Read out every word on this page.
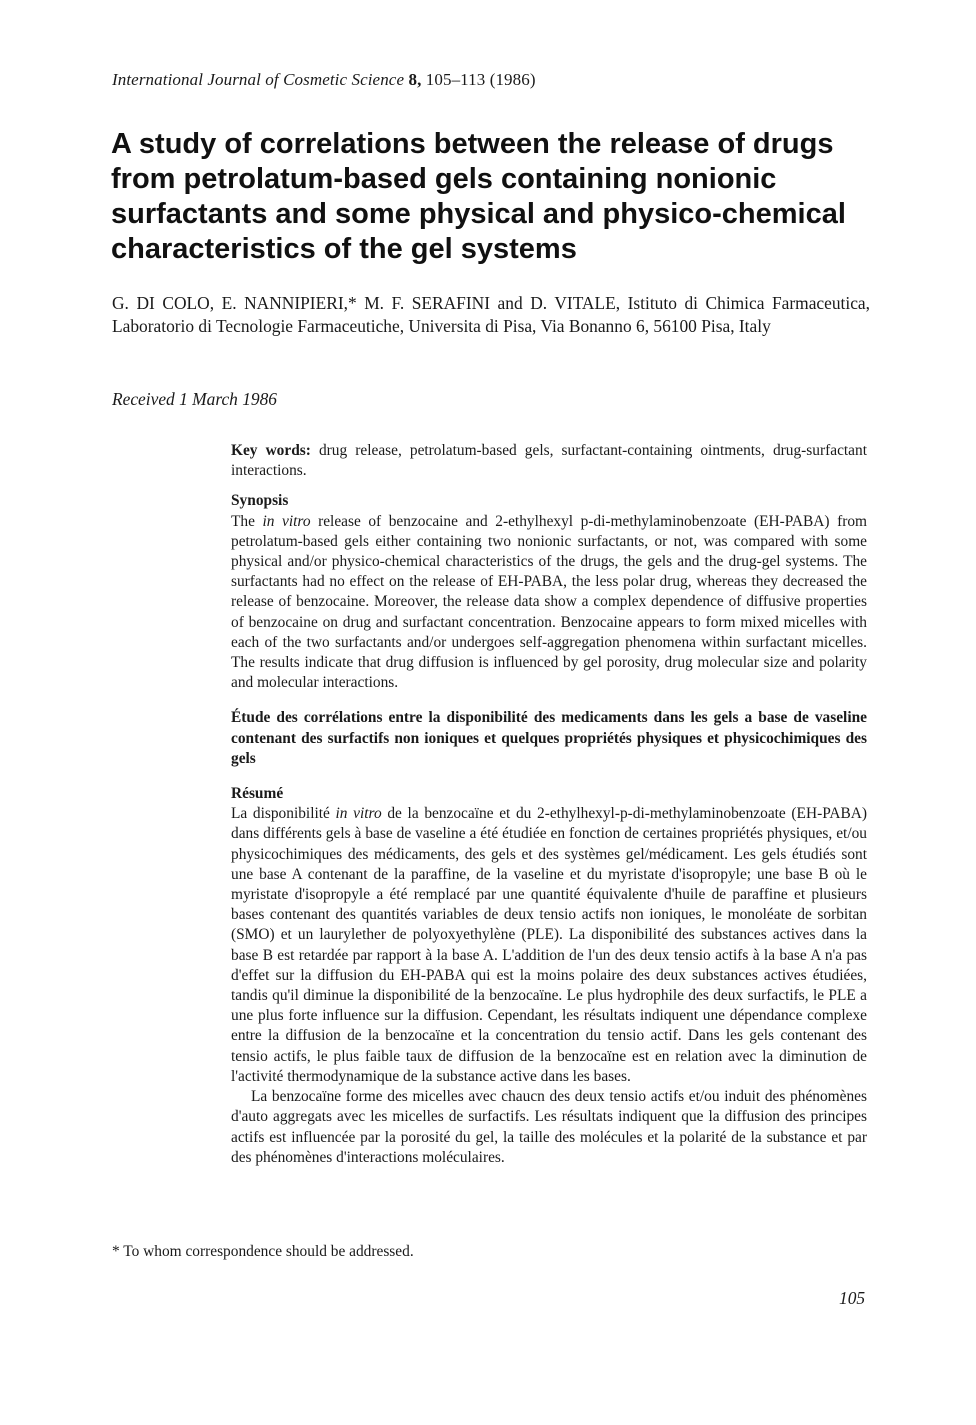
International Journal of Cosmetic Science 8, 105–113 (1986)
A study of correlations between the release of drugs from petrolatum-based gels containing nonionic surfactants and some physical and physico-chemical characteristics of the gel systems
G. DI COLO, E. NANNIPIERI,* M. F. SERAFINI and D. VITALE, Istituto di Chimica Farmaceutica, Laboratorio di Tecnologie Farmaceutiche, Universita di Pisa, Via Bonanno 6, 56100 Pisa, Italy
Received 1 March 1986

Key words: drug release, petrolatum-based gels, surfactant-containing ointments, drug-surfactant interactions.

Synopsis

The in vitro release of benzocaine and 2-ethylhexyl p-di-methylaminobenzoate (EH-PABA) from petrolatum-based gels either containing two nonionic surfactants, or not, was compared with some physical and/or physico-chemical characteristics of the drugs, the gels and the drug-gel systems. The surfactants had no effect on the release of EH-PABA, the less polar drug, whereas they decreased the release of benzocaine. Moreover, the release data show a complex dependence of diffusive properties of benzocaine on drug and surfactant concentration. Benzocaine appears to form mixed micelles with each of the two surfactants and/or undergoes self-aggregation phenomena within surfactant micelles. The results indicate that drug diffusion is influenced by gel porosity, drug molecular size and polarity and molecular interactions.

Étude des corrélations entre la disponibilité des medicaments dans les gels a base de vaseline contenant des surfactifs non ioniques et quelques propriétés physiques et physicochimiques des gels

Résumé

La disponibilité in vitro de la benzocaïne et du 2-ethylhexyl-p-di-methylaminobenzoate (EH-PABA) dans différents gels à base de vaseline a été étudiée en fonction de certaines propriétés physiques, et/ou physicochimiques des médicaments, des gels et des systèmes gel/médicament. Les gels étudiés sont une base A contenant de la paraffine, de la vaseline et du myristate d'isopropyle; une base B où le myristate d'isopropyle a été remplacé par une quantité équivalente d'huile de paraffine et plusieurs bases contenant des quantités variables de deux tensio actifs non ioniques, le monoléate de sorbitan (SMO) et un laurylether de polyoxyethylène (PLE). La disponibilité des substances actives dans la base B est retardée par rapport à la base A. L'addition de l'un des deux tensio actifs à la base A n'a pas d'effet sur la diffusion du EH-PABA qui est la moins polaire des deux substances actives étudiées, tandis qu'il diminue la disponibilité de la benzocaïne. Le plus hydrophile des deux surfactifs, le PLE a une plus forte influence sur la diffusion. Cependant, les résultats indiquent une dépendance complexe entre la diffusion de la benzocaïne et la concentration du tensio actif. Dans les gels contenant des tensio actifs, le plus faible taux de diffusion de la benzocaïne est en relation avec la diminution de l'activité thermodynamique de la substance active dans les bases.

La benzocaïne forme des micelles avec chaucn des deux tensio actifs et/ou induit des phénomènes d'auto aggregats avec les micelles de surfactifs. Les résultats indiquent que la diffusion des principes actifs est influencée par la porosité du gel, la taille des molécules et la polarité de la substance et par des phénomènes d'interactions moléculaires.

* To whom correspondence should be addressed.
105
